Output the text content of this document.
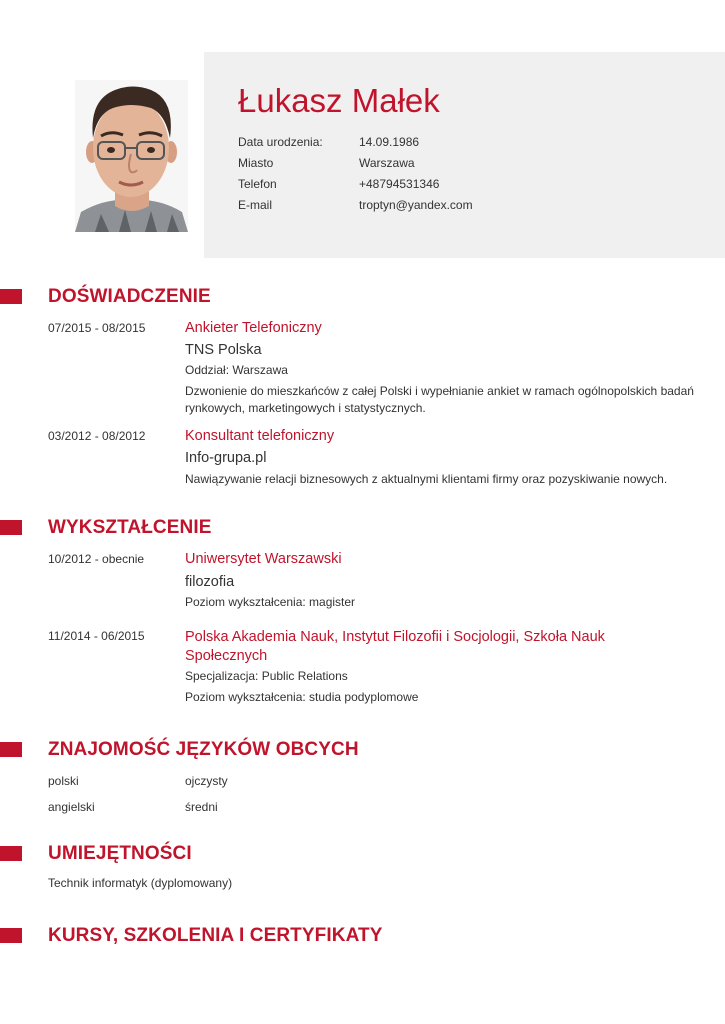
Łukasz Małek
Data urodzenia:	14.09.1986
Miasto	Warszawa
Telefon	+48794531346
E-mail	troptyn@yandex.com
DOŚWIADCZENIE
07/2015 - 08/2015	Ankieter Telefoniczny
TNS Polska
Oddział: Warszawa
Dzwonienie do mieszkańców z całej Polski i wypełnianie ankiet w ramach ogólnopolskich badań rynkowych, marketingowych i statystycznych.
03/2012 - 08/2012	Konsultant telefoniczny
Info-grupa.pl
Nawiązywanie relacji biznesowych z aktualnymi klientami firmy oraz pozyskiwanie nowych.
WYKSZTAŁCENIE
10/2012 - obecnie	Uniwersytet Warszawski
filozofia
Poziom wykształcenia: magister
11/2014 - 06/2015	Polska Akademia Nauk, Instytut Filozofii i Socjologii, Szkoła Nauk Społecznych
Specjalizacja: Public Relations
Poziom wykształcenia: studia podyplomowe
ZNAJOMOŚĆ JĘZYKÓW OBCYCH
polski	ojczysty
angielski	średni
UMIEJĘTNOŚCI
Technik informatyk (dyplomowany)
KURSY, SZKOLENIA I CERTYFIKATY
